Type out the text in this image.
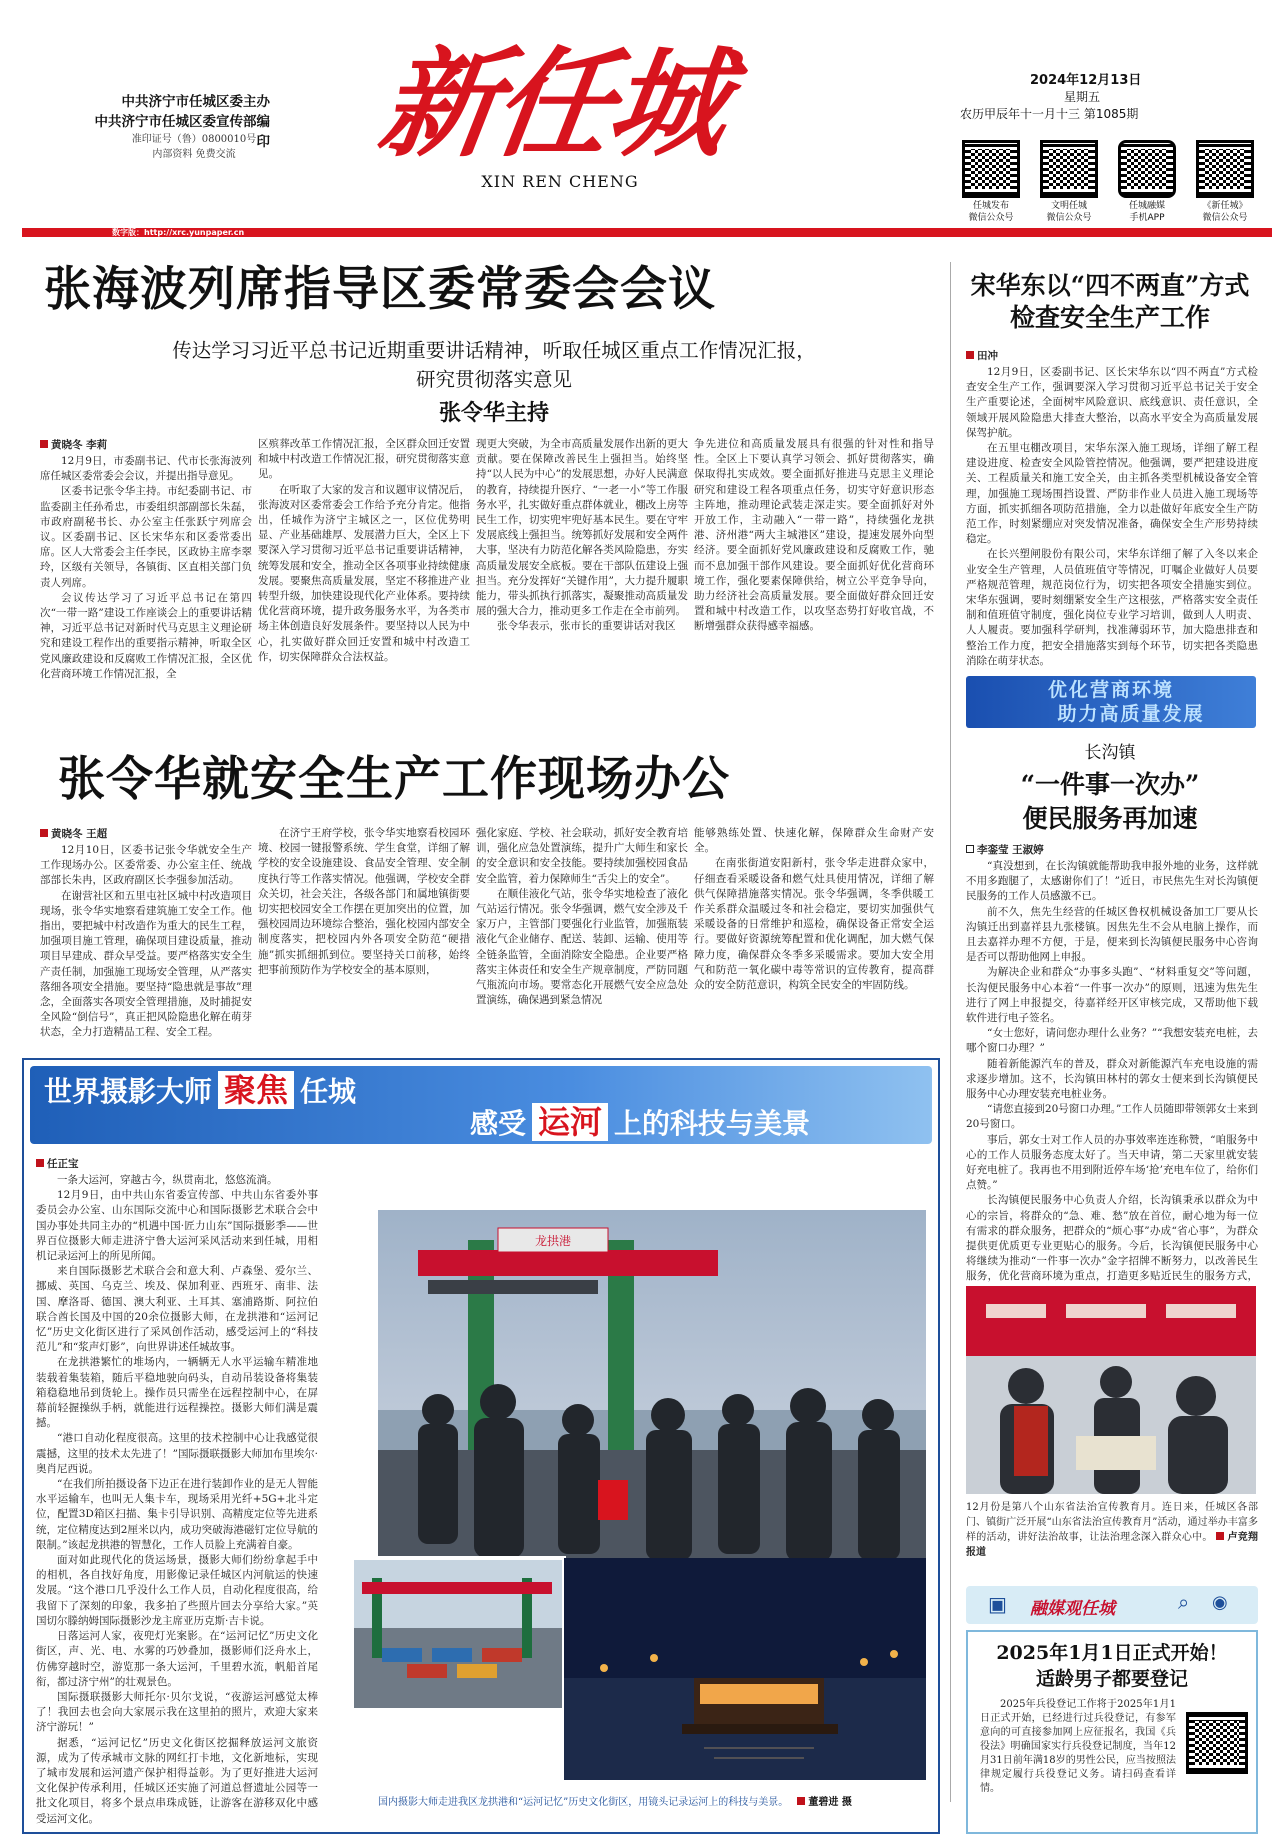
中共济宁市任城区委主办
中共济宁市任城区委宣传部编印
准印证号（鲁）0800010号
内部资料 免费交流 新任城
XIN REN CHENG
2024年12月13日
星期五
农历甲辰年十一月十三 第1085期
任城发布
微信公众号
文明任城
微信公众号
任城融媒
手机APP
《新任城》
微信公众号
数字版：http://xrc.yunpaper.cn
张海波列席指导区委常委会会议
传达学习习近平总书记近期重要讲话精神，听取任城区重点工作情况汇报，
研究贯彻落实意见
张令华主持
黄晓冬 李莉

12月9日，市委副书记、代市长张海波列席任城区委常委会会议，并提出指导意见。

区委书记张令华主持。市纪委副书记、市监委副主任孙希忠，市委组织部副部长朱磊，市政府副秘书长、办公室主任张跃宁列席会议。区委副书记、区长宋华东和区委常委出席。区人大常委会主任李民，区政协主席李翠玲，区级有关领导，各镇街、区直相关部门负责人列席。

会议传达学习了习近平总书记在第四次“一带一路”建设工作座谈会上的重要讲话精神，习近平总书记对新时代马克思主义理论研究和建设工程作出的重要指示精神，听取全区党风廉政建设和反腐败工作情况汇报，全区优化营商环境工作情况汇报，全

区殡葬改革工作情况汇报，全区群众回迁安置和城中村改造工作情况汇报，研究贯彻落实意见。

在听取了大家的发言和议题审议情况后，张海波对区委常委会工作给予充分肯定。他指出，任城作为济宁主城区之一，区位优势明显、产业基础雄厚、发展潜力巨大，全区上下要深入学习贯彻习近平总书记重要讲话精神，统筹发展和安全，推动全区各项事业持续健康发展。要聚焦高质量发展，坚定不移推进产业转型升级，加快建设现代化产业体系。要持续优化营商环境，提升政务服务水平，为各类市场主体创造良好发展条件。要坚持以人民为中心，扎实做好群众回迁安置和城中村改造工作，切实保障群众合法权益。

现更大突破，为全市高质量发展作出新的更大贡献。要在保障改善民生上强担当。始终坚持“以人民为中心”的发展思想，办好人民满意的教育，持续提升医疗、“一老一小”等工作服务水平，扎实做好重点群体就业，棚改上房等民生工作，切实兜牢兜好基本民生。要在守牢发展底线上强担当。统筹抓好发展和安全两件大事，坚决有力防范化解各类风险隐患，夯实高质量发展安全底板。要在干部队伍建设上强担当。充分发挥好“关键作用”，大力提升履职能力，带头抓执行抓落实，凝聚推动高质量发展的强大合力，推动更多工作走在全市前列。

张令华表示，张市长的重要讲话对我区

争先进位和高质量发展具有很强的针对性和指导性。全区上下要认真学习领会、抓好贯彻落实，确保取得扎实成效。要全面抓好推进马克思主义理论研究和建设工程各项重点任务，切实守好意识形态主阵地，推动理论武装走深走实。要全面抓好对外开放工作，主动融入“一带一路”，持续强化龙拱港、济州港“两大主城港区”建设，提速发展外向型经济。要全面抓好党风廉政建设和反腐败工作，驰而不息加强干部作风建设。要全面抓好优化营商环境工作，强化要素保障供给，树立公平竞争导向，助力经济社会高质量发展。要全面做好群众回迁安置和城中村改造工作，以攻坚态势打好收官战，不断增强群众获得感幸福感。

张令华就安全生产工作现场办公
黄晓冬 王超

12月10日，区委书记张令华就安全生产工作现场办公。区委常委、办公室主任、统战部部长朱冉，区政府副区长李强参加活动。

在谢营社区和五里屯社区城中村改造项目现场，张令华实地察看建筑施工安全工作。他指出，要把城中村改造作为重大的民生工程，加强项目施工管理，确保项目建设质量，推动项目早建成、群众早受益。要严格落实安全生产责任制，加强施工现场安全管理，从严落实落细各项安全措施。要坚持“隐患就是事故”理念，全面落实各项安全管理措施，及时捕捉安全风险“倒信号”，真正把风险隐患化解在萌芽状态，全力打造精品工程、安全工程。

在济宁王府学校，张令华实地察看校园环境、校园一键报警系统、学生食堂，详细了解学校的安全设施建设、食品安全管理、安全制度执行等工作落实情况。他强调，学校安全群众关切，社会关注，各级各部门和属地镇街要切实把校园安全工作摆在更加突出的位置，加强校园周边环境综合整治，强化校园内部安全制度落实，把校园内外各项安全防范“硬措施”抓实抓细抓到位。要坚持关口前移，始终把事前预防作为学校安全的基本原则，

强化家庭、学校、社会联动，抓好安全教育培训，强化应急处置演练，提升广大师生和家长的安全意识和安全技能。要持续加强校园食品安全监管，着力保障师生“舌尖上的安全”。

在顺佳液化气站，张令华实地检查了液化气站运行情况。张令华强调，燃气安全涉及千家万户，主管部门要强化行业监管，加强瓶装液化气企业储存、配送、装卸、运输、使用等全链条监管，全面消除安全隐患。企业要严格落实主体责任和安全生产规章制度，严防同题气瓶流向市场。要常态化开展燃气安全应急处置演练，确保遇到紧急情况

能够熟练处置、快速化解，保障群众生命财产安全。

在南张街道安阳新村，张令华走进群众家中，仔细查看采暖设备和燃气灶具使用情况，详细了解供气保障措施落实情况。张令华强调，冬季供暖工作关系群众温暖过冬和社会稳定，要切实加强供气采暖设备的日常维护和巡检，确保设备正常安全运行。要做好资源统筹配置和优化调配，加大燃气保障力度，确保群众冬季多采暖需求。要加大安全用气和防范一氧化碳中毒等常识的宣传教育，提高群众的安全防范意识，构筑全民安全的牢固防线。

世界摄影大师 聚焦 任城
感受 运河 上的科技与美景
任正宝

一条大运河，穿越古今，纵贯南北，悠悠流淌。

12月9日，由中共山东省委宣传部、中共山东省委外事委员会办公室、山东国际交流中心和国际摄影艺术联合会中国办事处共同主办的“机遇中国·匠力山东”国际摄影季——世界百位摄影大师走进济宁鲁大运河采风活动来到任城，用相机记录运河上的所见所闻。

来自国际摄影艺术联合会和意大利、卢森堡、爱尔兰、挪威、英国、乌克兰、埃及、保加利亚、西班牙、南非、法国、摩洛哥、德国、澳大利亚、土耳其、塞浦路斯、阿拉伯联合酋长国及中国的20余位摄影大师，在龙拱港和“运河记忆”历史文化街区进行了采风创作活动，感受运河上的“科技范儿”和“浆声灯影”，向世界讲述任城故事。

在龙拱港繁忙的堆场内，一辆辆无人水平运输车精准地装载着集装箱，随后平稳地驶向码头，自动吊装设备将集装箱稳稳地吊到货轮上。操作员只需坐在远程控制中心，在屏幕前轻握操纵手柄，就能进行远程操控。摄影大师们满是震撼。

“港口自动化程度很高。这里的技术控制中心让我感觉很震撼，这里的技术太先进了！”国际摄联摄影大师加布里埃尔·奥肖尼西说。

“在我们所拍摄设备下边正在进行装卸作业的是无人智能水平运输车，也叫无人集卡车，现场采用光纤+5G+北斗定位，配置3D箱区扫描、集卡引导识别、高精度定位等先进系统，定位精度达到2厘米以内，成功突破海港磁钉定位导航的限制。”该起龙拱港的智慧化，工作人员脸上充满着自豪。

面对如此现代化的货运场景，摄影大师们纷纷拿起手中的相机，各自找好角度，用影像记录任城区内河航运的快速发展。“这个港口几乎没什么工作人员，自动化程度很高，给我留下了深刻的印象，我多拍了些照片回去分享给大家。”英国切尔滕纳姆国际摄影沙龙主席亚历克斯·吉卡说。

日落运河人家，夜兜灯光案影。在“运河记忆”历史文化街区，声、光、电、水雾的巧妙叠加，摄影师们泛舟水上，仿佛穿越时空，游览那一条大运河，千里碧水流，帆船首尾衔，都过济宁州”的壮观景色。

国际摄联摄影大师托尔·贝尔戈说，“夜游运河感觉太棒了！我回去也会向大家展示我在这里拍的照片，欢迎大家来济宁游玩！”

据悉，“运河记忆”历史文化街区挖掘释放运河文旅资源，成为了传承城市文脉的网红打卡地，文化新地标，实现了城市发展和运河遗产保护相得益彰。为了更好推进大运河文化保护传承利用，任城区还实施了河道总督遗址公园等一批文化项目，将多个景点串珠成链，让游客在游移双化中感受运河文化。

龙拱港
国内摄影大师走进我区龙拱港和“运河记忆”历史文化街区，用镜头记录运河上的科技与美景。 董碧进 摄
宋华东以“四不两直”方式
检查安全生产工作
田冲

12月9日，区委副书记、区长宋华东以“四不两直”方式检查安全生产工作，强调要深入学习贯彻习近平总书记关于安全生产重要论述，全面树牢风险意识、底线意识、责任意识，全领域开展风险隐患大排查大整治，以高水平安全为高质量发展保驾护航。

在五里屯棚改项目，宋华东深入施工现场，详细了解工程建设进度、检查安全风险管控情况。他强调，要严把建设进度关、工程质量关和施工安全关，由主抓各类型机械设备安全管理，加强施工现场围挡设置、严防非作业人员进入施工现场等方面，抓实抓细各项防范措施，全力以赴做好年底安全生产防范工作，时刻紧绷应对突发情况准备，确保安全生产形势持续稳定。

在长兴塑闸股份有限公司，宋华东详细了解了入冬以来企业安全生产管理，人员值班值守等情况，叮嘱企业做好人员要严格规范管理，规范岗位行为，切实把各项安全措施实到位。宋华东强调，要时刻绷紧安全生产这根弦，严格落实安全责任制和值班值守制度，强化岗位专业学习培训，做到人人明责、人人履责。要加强科学研判，找准薄弱环节，加大隐患排查和整治工作力度，把安全措施落实到每个环节，切实把各类隐患消除在萌芽状态。

优化营商环境
助力高质量发展
长沟镇
“一件事一次办”
便民服务再加速
李銮莹 王淑婷

“真没想到，在长沟镇就能帮助我申报外地的业务，这样就不用多跑腿了，太感谢你们了！”近日，市民焦先生对长沟镇便民服务的工作人员感激不已。

前不久，焦先生经营的任城区鲁权机械设备加工厂要从长沟镇迁出到嘉祥县九张楼镇。因焦先生不会从电脑上操作，而且去嘉祥办理不方便，于是，便来到长沟镇便民服务中心咨询是否可以帮助他网上申报。

为解决企业和群众“办事多头跑”、“材料重复交”等问题，长沟便民服务中心本着“一件事一次办”的原则，迅速为焦先生进行了网上申报提交，待嘉祥经开区审核完成，又帮助他下载软件进行电子签名。

“女士您好，请问您办理什么业务？”“我想安装充电桩，去哪个窗口办理？”

随着新能源汽车的普及，群众对新能源汽车充电设施的需求逐步增加。这不，长沟镇田林村的郭女士便来到长沟镇便民服务中心办理安装充电桩业务。

“请您直接到20号窗口办理。”工作人员随即带领郭女士来到20号窗口。

事后，郭女士对工作人员的办事效率连连称赞，“咱服务中心的工作人员服务态度太好了。当天申请，第二天家里就安装好充电桩了。我再也不用到附近停车场‘抢’充电车位了，给你们点赞。”

长沟镇便民服务中心负责人介绍，长沟镇秉承以群众为中心的宗旨，将群众的“急、难、愁”放在首位，耐心地为每一位有需求的群众服务，把群众的“烦心事”办成“省心事”，为群众提供更优质更专业更贴心的服务。今后，长沟镇便民服务中心将继续为推动“一件事一次办”金字招牌不断努力，以改善民生服务，优化营商环境为重点，打造更多贴近民生的服务方式，

12月份是第八个山东省法治宣传教育月。连日来，任城区各部门、镇街广泛开展“山东省法治宣传教育月”活动，通过举办丰富多样的活动，讲好法治故事，让法治理念深入群众心中。 卢竞翔 报道
▣ 融媒观任城	⌕ ◉
2025年1月1日正式开始！
适龄男子都要登记

2025年兵役登记工作将于2025年1月1日正式开始，已经进行过兵役登记，有参军意向的可直接参加网上应征报名，我国《兵役法》明确国家实行兵役登记制度，当年12月31日前年满18岁的男性公民，应当按照法律规定履行兵役登记义务。请扫码查看详情。
